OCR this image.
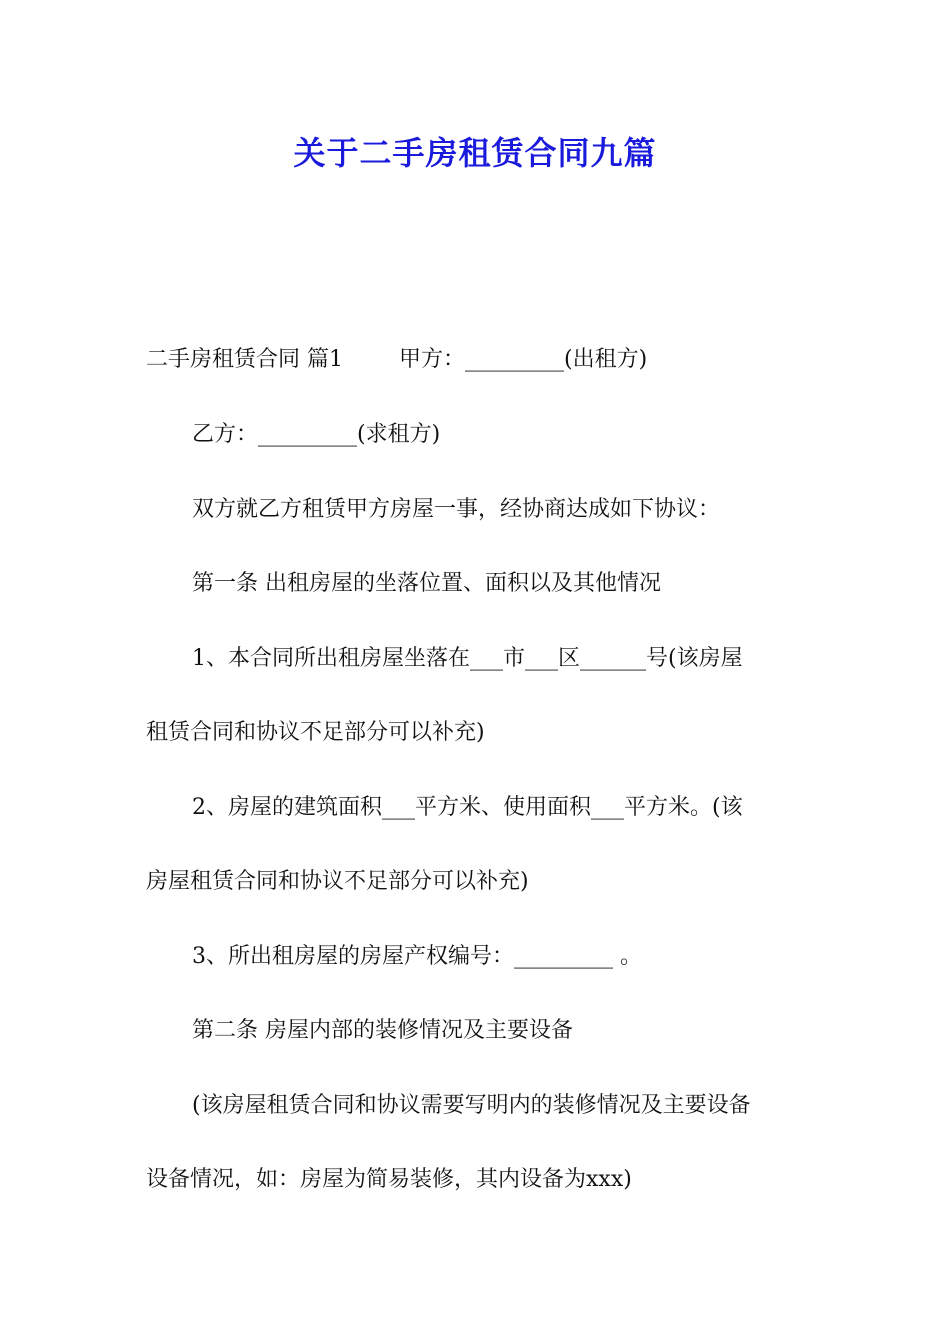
关于二手房租赁合同九篇
二手房租赁合同 篇1	甲方：_________(出租方)
乙方：_________(求租方)
双方就乙方租赁甲方房屋一事，经协商达成如下协议：
第一条 出租房屋的坐落位置、面积以及其他情况
1、本合同所出租房屋坐落在___市___区______号(该房屋
租赁合同和协议不足部分可以补充)
2、房屋的建筑面积___平方米、使用面积___平方米。(该
房屋租赁合同和协议不足部分可以补充)
3、所出租房屋的房屋产权编号：_________ 。
第二条 房屋内部的装修情况及主要设备
(该房屋租赁合同和协议需要写明内的装修情况及主要设备
设备情况，如：房屋为简易装修，其内设备为xxx)
